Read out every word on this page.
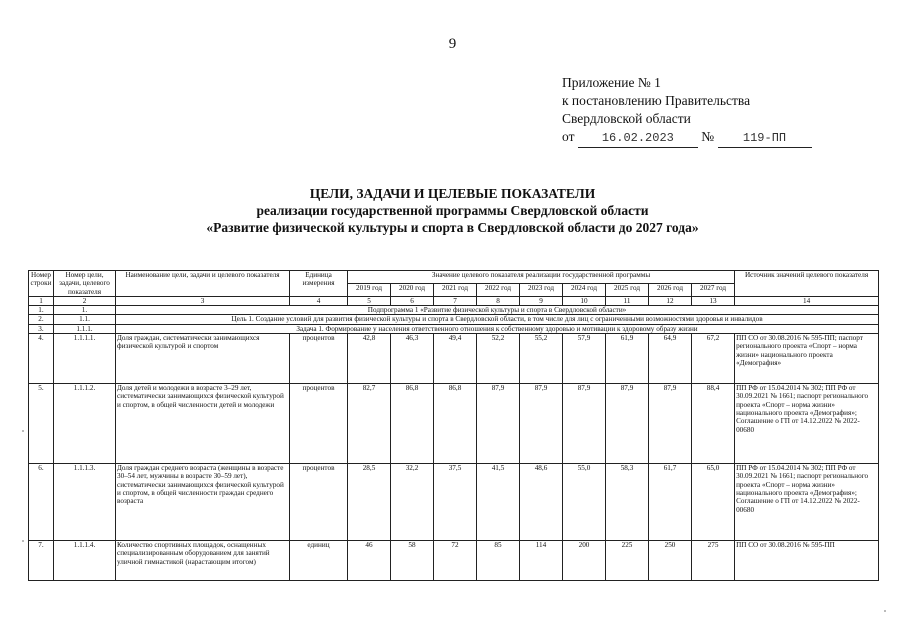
9
Приложение № 1
к постановлению Правительства
Свердловской области
от 16.02.2023 № 119-ПП
ЦЕЛИ, ЗАДАЧИ И ЦЕЛЕВЫЕ ПОКАЗАТЕЛИ
реализации государственной программы Свердловской области
«Развитие физической культуры и спорта в Свердловской области до 2027 года»
Номер строки	Номер цели, задачи, целевого показателя	Наименование цели, задачи и целевого показателя	Единица измерения	Значение целевого показателя реализации государственной программы									Источник значений целевого показателя
				2019 год	2020 год	2021 год	2022 год	2023 год	2024 год	2025 год	2026 год	2027 год	
1	2	3	4	5	6	7	8	9	10	11	12	13	14
1.	1.	Подпрограмма 1 «Развитие физической культуры и спорта в Свердловской области»											
2.	1.1.	Цель 1. Создание условий для развития физической культуры и спорта в Свердловской области, в том числе для лиц с ограниченными возможностями здоровья и инвалидов											
3.	1.1.1.	Задача 1. Формирование у населения ответственного отношения к собственному здоровью и мотивации к здоровому образу жизни											
4.	1.1.1.1.	Доля граждан, систематически занимающихся физической культурой и спортом	процентов	42,8	46,3	49,4	52,2	55,2	57,9	61,9	64,9	67,2	ПП СО от 30.08.2016 № 595-ПП; паспорт регионального проекта «Спорт – норма жизни» национального проекта «Демография»
5.	1.1.1.2.	Доля детей и молодежи в возрасте 3–29 лет, систематически занимающихся физической культурой и спортом, в общей численности детей и молодежи	процентов	82,7	86,8	86,8	87,9	87,9	87,9	87,9	87,9	88,4	ПП РФ от 15.04.2014 № 302; ПП РФ от 30.09.2021 № 1661; паспорт регионального проекта «Спорт – норма жизни» национального проекта «Демография»; Соглашение о ГП от 14.12.2022 № 2022-00680
6.	1.1.1.3.	Доля граждан среднего возраста (женщины в возрасте 30–54 лет, мужчины в возрасте 30–59 лет), систематически занимающихся физической культурой и спортом, в общей численности граждан среднего возраста	процентов	28,5	32,2	37,5	41,5	48,6	55,0	58,3	61,7	65,0	ПП РФ от 15.04.2014 № 302; ПП РФ от 30.09.2021 № 1661; паспорт регионального проекта «Спорт – норма жизни» национального проекта «Демография»; Соглашение о ГП от 14.12.2022 № 2022-00680
7.	1.1.1.4.	Количество спортивных площадок, оснащенных специализированным оборудованием для занятий уличной гимнастикой (нарастающим итогом)	единиц	46	58	72	85	114	200	225	250	275	ПП СО от 30.08.2016 № 595-ПП
